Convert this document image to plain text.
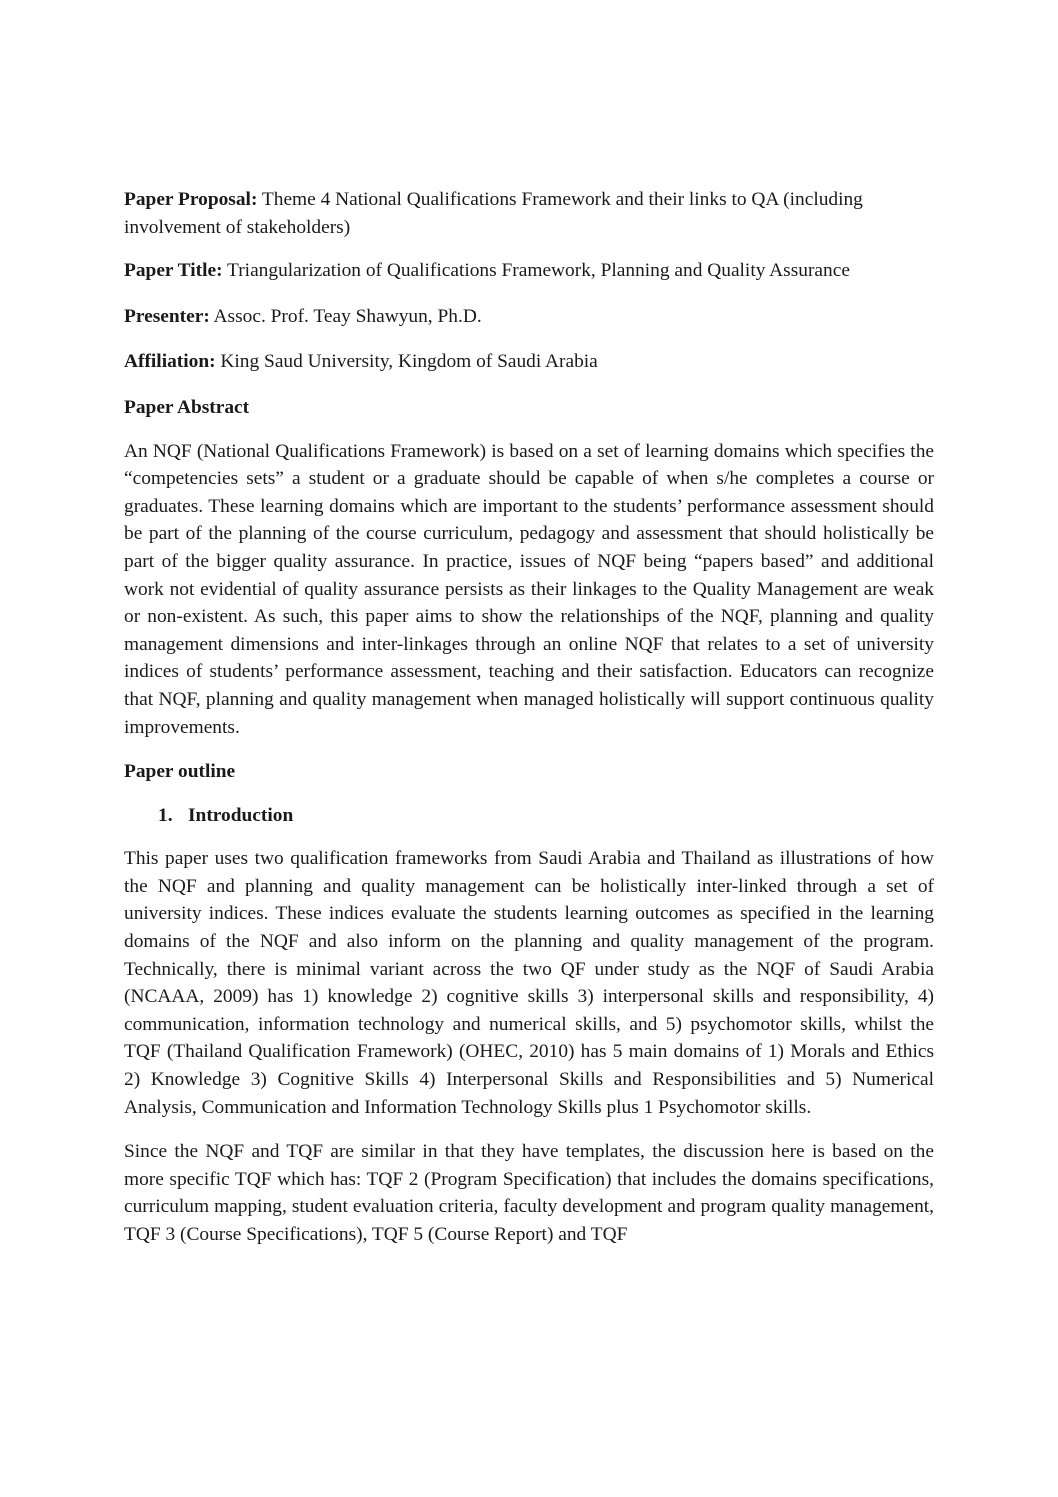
Paper Proposal: Theme 4 National Qualifications Framework and their links to QA (including involvement of stakeholders)

Paper Title: Triangularization of Qualifications Framework, Planning and Quality Assurance

Presenter: Assoc. Prof. Teay Shawyun, Ph.D.

Affiliation: King Saud University, Kingdom of Saudi Arabia

Paper Abstract

An NQF (National Qualifications Framework) is based on a set of learning domains which specifies the “competencies sets” a student or a graduate should be capable of when s/he completes a course or graduates. These learning domains which are important to the students’ performance assessment should be part of the planning of the course curriculum, pedagogy and assessment that should holistically be part of the bigger quality assurance. In practice, issues of NQF being “papers based” and additional work not evidential of quality assurance persists as their linkages to the Quality Management are weak or non-existent. As such, this paper aims to show the relationships of the NQF, planning and quality management dimensions and inter-linkages through an online NQF that relates to a set of university indices of students’ performance assessment, teaching and their satisfaction. Educators can recognize that NQF, planning and quality management when managed holistically will support continuous quality improvements.

Paper outline

1. Introduction

This paper uses two qualification frameworks from Saudi Arabia and Thailand as illustrations of how the NQF and planning and quality management can be holistically inter-linked through a set of university indices. These indices evaluate the students learning outcomes as specified in the learning domains of the NQF and also inform on the planning and quality management of the program. Technically, there is minimal variant across the two QF under study as the NQF of Saudi Arabia (NCAAA, 2009) has 1) knowledge 2) cognitive skills 3) interpersonal skills and responsibility, 4) communication, information technology and numerical skills, and 5) psychomotor skills, whilst the TQF (Thailand Qualification Framework) (OHEC, 2010) has 5 main domains of 1) Morals and Ethics 2) Knowledge 3) Cognitive Skills 4) Interpersonal Skills and Responsibilities and 5) Numerical Analysis, Communication and Information Technology Skills plus 1 Psychomotor skills.

Since the NQF and TQF are similar in that they have templates, the discussion here is based on the more specific TQF which has: TQF 2 (Program Specification) that includes the domains specifications, curriculum mapping, student evaluation criteria, faculty development and program quality management, TQF 3 (Course Specifications), TQF 5 (Course Report) and TQF
